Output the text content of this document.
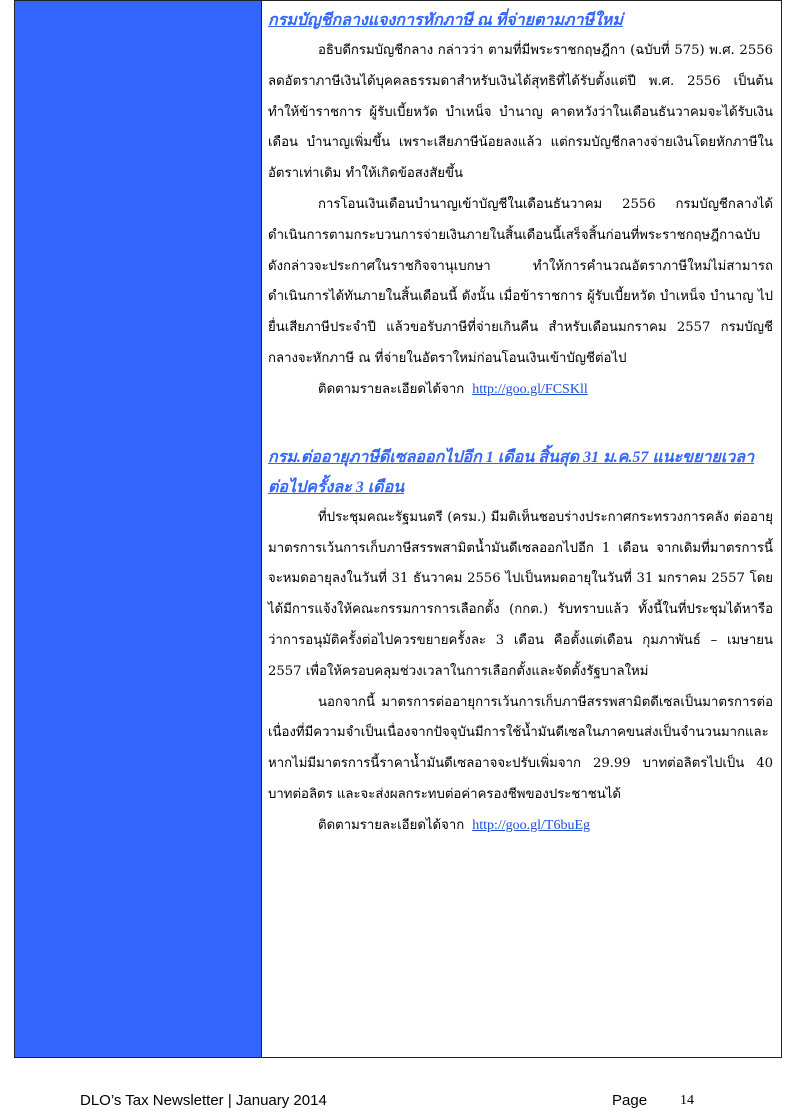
กรมบัญชีกลางแจงการหักภาษี ณ ที่จ่ายตามภาษีใหม่

อธิบดีกรมบัญชีกลาง กล่าวว่า ตามที่มีพระราชกฤษฎีกา (ฉบับที่ 575) พ.ศ. 2556 ลดอัตราภาษีเงินได้บุคคลธรรมดาสำหรับเงินได้สุทธิที่ได้รับตั้งแต่ปี พ.ศ. 2556 เป็นต้น ทำให้ข้าราชการ ผู้รับเบี้ยหวัด บำเหน็จ บำนาญ คาดหวังว่าในเดือนธันวาคมจะได้รับเงินเดือน บำนาญเพิ่มขึ้น เพราะเสียภาษีน้อยลงแล้ว แต่กรมบัญชีกลางจ่ายเงินโดยหักภาษีในอัตราเท่าเดิม ทำให้เกิดข้อสงสัยขึ้น

การโอนเงินเดือนบำนาญเข้าบัญชีในเดือนธันวาคม 2556 กรมบัญชีกลางได้ดำเนินการตามกระบวนการจ่ายเงินภายในสิ้นเดือนนี้เสร็จสิ้นก่อนที่พระราชกฤษฎีกาฉบับดังกล่าวจะประกาศในราชกิจจานุเบกษา ทำให้การคำนวณอัตราภาษีใหม่ไม่สามารถดำเนินการได้ทันภายในสิ้นเดือนนี้ ดังนั้น เมื่อข้าราชการ ผู้รับเบี้ยหวัด บำเหน็จ บำนาญ ไปยื่นเสียภาษีประจำปี แล้วขอรับภาษีที่จ่ายเกินคืน สำหรับเดือนมกราคม 2557 กรมบัญชีกลางจะหักภาษี ณ ที่จ่ายในอัตราใหม่ก่อนโอนเงินเข้าบัญชีต่อไป

ติดตามรายละเอียดได้จาก http://goo.gl/FCSKll

กรม.ต่ออายุภาษีดีเซลออกไปอีก 1 เดือน สิ้นสุด 31 ม.ค.57 แนะขยายเวลาต่อไปครั้งละ 3 เดือน

ที่ประชุมคณะรัฐมนตรี (ครม.) มีมติเห็นชอบร่างประกาศกระทรวงการคลัง ต่ออายุมาตรการเว้นการเก็บภาษีสรรพสามิตน้ำมันดีเซลออกไปอีก 1 เดือน จากเดิมที่มาตรการนี้จะหมดอายุลงในวันที่ 31 ธันวาคม 2556 ไปเป็นหมดอายุในวันที่ 31 มกราคม 2557 โดยได้มีการแจ้งให้คณะกรรมการการเลือกตั้ง (กกต.) รับทราบแล้ว ทั้งนี้ในที่ประชุมได้หารือว่าการอนุมัติครั้งต่อไปควรขยายครั้งละ 3 เดือน คือตั้งแต่เดือน กุมภาพันธ์ – เมษายน 2557 เพื่อให้ครอบคลุมช่วงเวลาในการเลือกตั้งและจัดตั้งรัฐบาลใหม่

นอกจากนี้ มาตรการต่ออายุการเว้นการเก็บภาษีสรรพสามิตดีเซลเป็นมาตรการต่อเนื่องที่มีความจำเป็นเนื่องจากปัจจุบันมีการใช้น้ำมันดีเซลในภาคขนส่งเป็นจำนวนมากและหากไม่มีมาตรการนี้ราคาน้ำมันดีเซลอาจจะปรับเพิ่มจาก 29.99 บาทต่อลิตรไปเป็น 40 บาทต่อลิตร และจะส่งผลกระทบต่อค่าครองชีพของประชาชนได้

ติดตามรายละเอียดได้จาก http://goo.gl/T6buEg

DLO’s Tax Newsletter | January 2014	Page 14
